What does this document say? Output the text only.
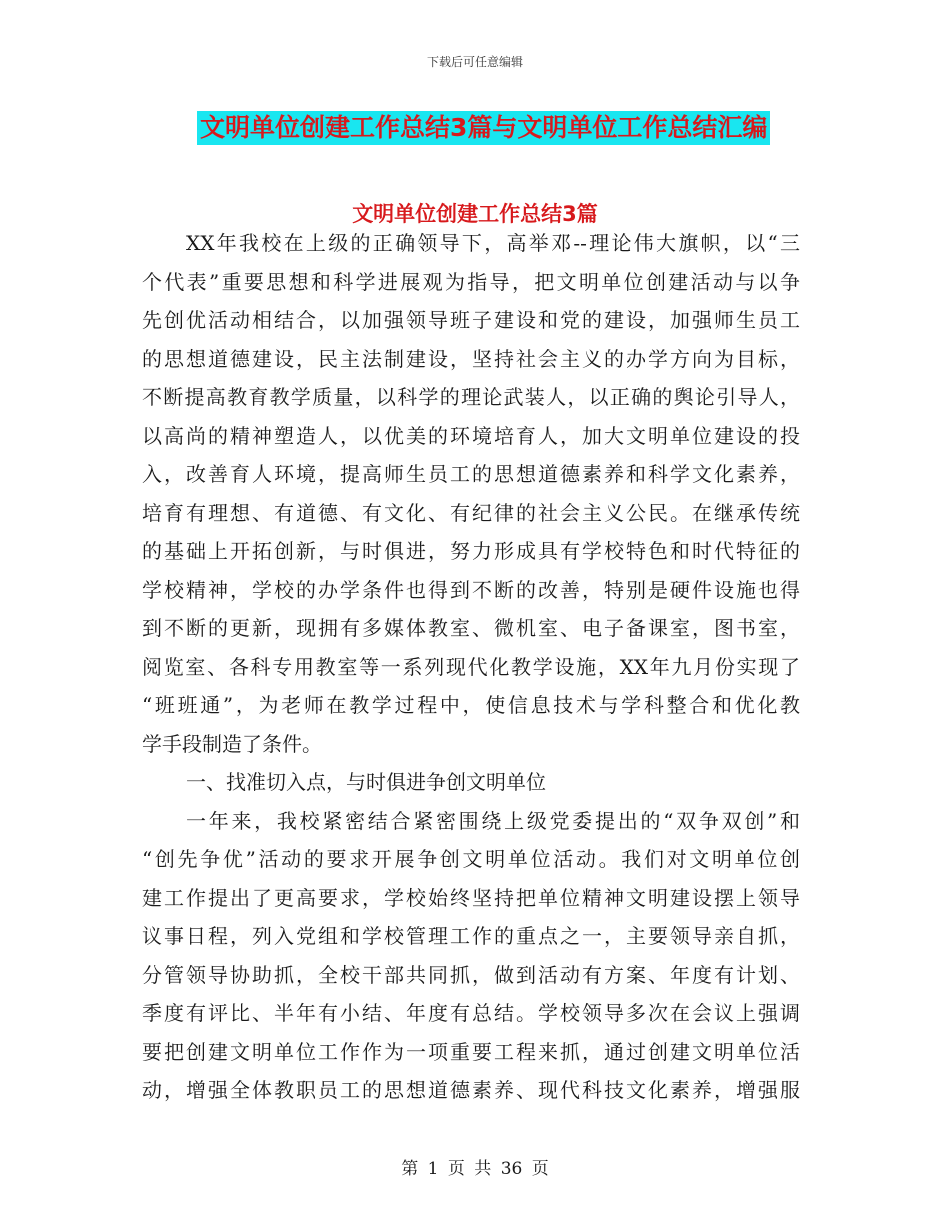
下载后可任意编辑
文明单位创建工作总结3篇与文明单位工作总结汇编
文明单位创建工作总结3篇
XX年我校在上级的正确领导下，高举邓--理论伟大旗帜，以“三
个代表”重要思想和科学进展观为指导，把文明单位创建活动与以争
先创优活动相结合，以加强领导班子建设和党的建设，加强师生员工
的思想道德建设，民主法制建设，坚持社会主义的办学方向为目标，
不断提高教育教学质量，以科学的理论武装人，以正确的舆论引导人，
以高尚的精神塑造人，以优美的环境培育人，加大文明单位建设的投
入，改善育人环境，提高师生员工的思想道德素养和科学文化素养，
培育有理想、有道德、有文化、有纪律的社会主义公民。在继承传统
的基础上开拓创新，与时俱进，努力形成具有学校特色和时代特征的
学校精神，学校的办学条件也得到不断的改善，特别是硬件设施也得
到不断的更新，现拥有多媒体教室、微机室、电子备课室，图书室，
阅览室、各科专用教室等一系列现代化教学设施，XX年九月份实现了
“班班通”，为老师在教学过程中，使信息技术与学科整合和优化教
学手段制造了条件。
一、找准切入点，与时俱进争创文明单位
一年来，我校紧密结合紧密围绕上级党委提出的“双争双创”和
“创先争优”活动的要求开展争创文明单位活动。我们对文明单位创
建工作提出了更高要求，学校始终坚持把单位精神文明建设摆上领导
议事日程，列入党组和学校管理工作的重点之一，主要领导亲自抓，
分管领导协助抓，全校干部共同抓，做到活动有方案、年度有计划、
季度有评比、半年有小结、年度有总结。学校领导多次在会议上强调
要把创建文明单位工作作为一项重要工程来抓，通过创建文明单位活
动，增强全体教职员工的思想道德素养、现代科技文化素养，增强服
第 1 页 共 36 页
